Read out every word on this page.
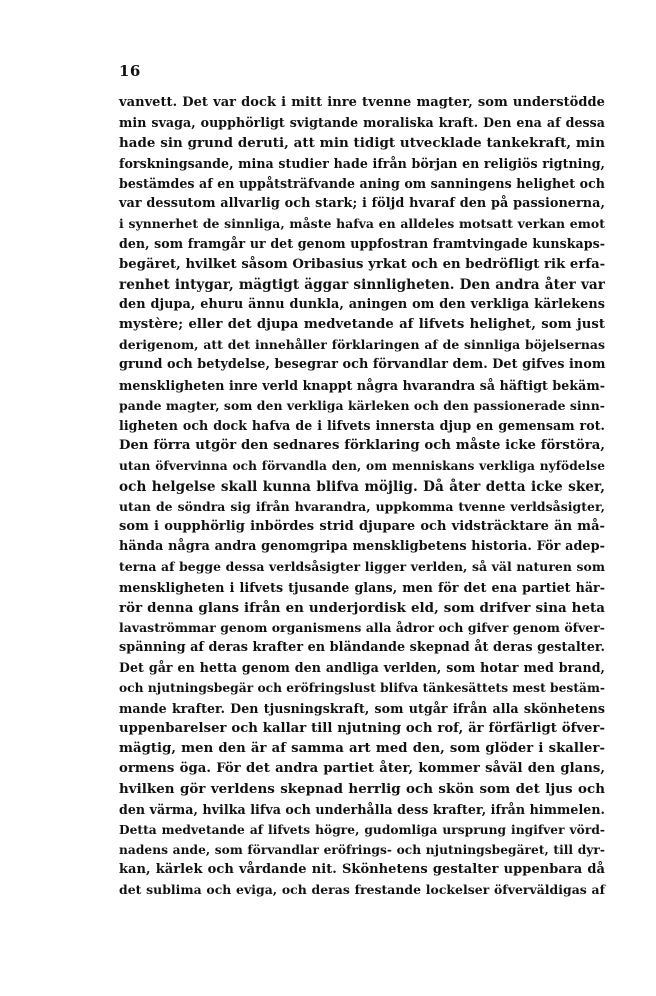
16
vanvett. Det var dock i mitt inre tvenne magter, som understödde
min svaga, oupphörligt svigtande moraliska kraft. Den ena af dessa
hade sin grund deruti, att min tidigt utvecklade tankekraft, min
forskningsande, mina studier hade ifrån början en religiös rigtning,
bestämdes af en uppåtsträfvande aning om sanningens helighet och
var dessutom allvarlig och stark; i följd hvaraf den på passionerna,
i synnerhet de sinnliga, måste hafva en alldeles motsatt verkan emot
den, som framgår ur det genom uppfostran framtvingade kunskaps-
begäret, hvilket såsom Oribasius yrkat och en bedröfligt rik erfa-
renhet intygar, mägtigt äggar sinnligheten. Den andra åter var
den djupa, ehuru ännu dunkla, aningen om den verkliga kärlekens
mystère; eller det djupa medvetande af lifvets helighet, som just
derigenom, att det innehåller förklaringen af de sinnliga böjelsernas
grund och betydelse, besegrar och förvandlar dem. Det gifves inom
menskligheten inre verld knappt några hvarandra så häftigt bekäm-
pande magter, som den verkliga kärleken och den passionerade sinn-
ligheten och dock hafva de i lifvets innersta djup en gemensam rot.
Den förra utgör den sednares förklaring och måste icke förstöra,
utan öfvervinna och förvandla den, om menniskans verkliga nyfödelse
och helgelse skall kunna blifva möjlig. Då åter detta icke sker,
utan de söndra sig ifrån hvarandra, uppkomma tvenne verldsåsigter,
som i oupphörlig inbördes strid djupare och vidsträcktare än må-
hända några andra genomgripa menskligbetens historia. För adep-
terna af begge dessa verldsåsigter ligger verlden, så väl naturen som
menskligheten i lifvets tjusande glans, men för det ena partiet här-
rör denna glans ifrån en underjordisk eld, som drifver sina heta
lavaströmmar genom organismens alla ådror och gifver genom öfver-
spänning af deras krafter en bländande skepnad åt deras gestalter.
Det går en hetta genom den andliga verlden, som hotar med brand,
och njutningsbegär och eröfringslust blifva tänkesättets mest bestäm-
mande krafter. Den tjusningskraft, som utgår ifrån alla skönhetens
uppenbarelser och kallar till njutning och rof, är förfärligt öfver-
mägtig, men den är af samma art med den, som glöder i skaller-
ormens öga. För det andra partiet åter, kommer såväl den glans,
hvilken gör verldens skepnad herrlig och skön som det ljus och
den värma, hvilka lifva och underhålla dess krafter, ifrån himmelen.
Detta medvetande af lifvets högre, gudomliga ursprung ingifver vörd-
nadens ande, som förvandlar eröfrings- och njutningsbegäret, till dyr-
kan, kärlek och vårdande nit. Skönhetens gestalter uppenbara då
det sublima och eviga, och deras frestande lockelser öfverväldigas af
